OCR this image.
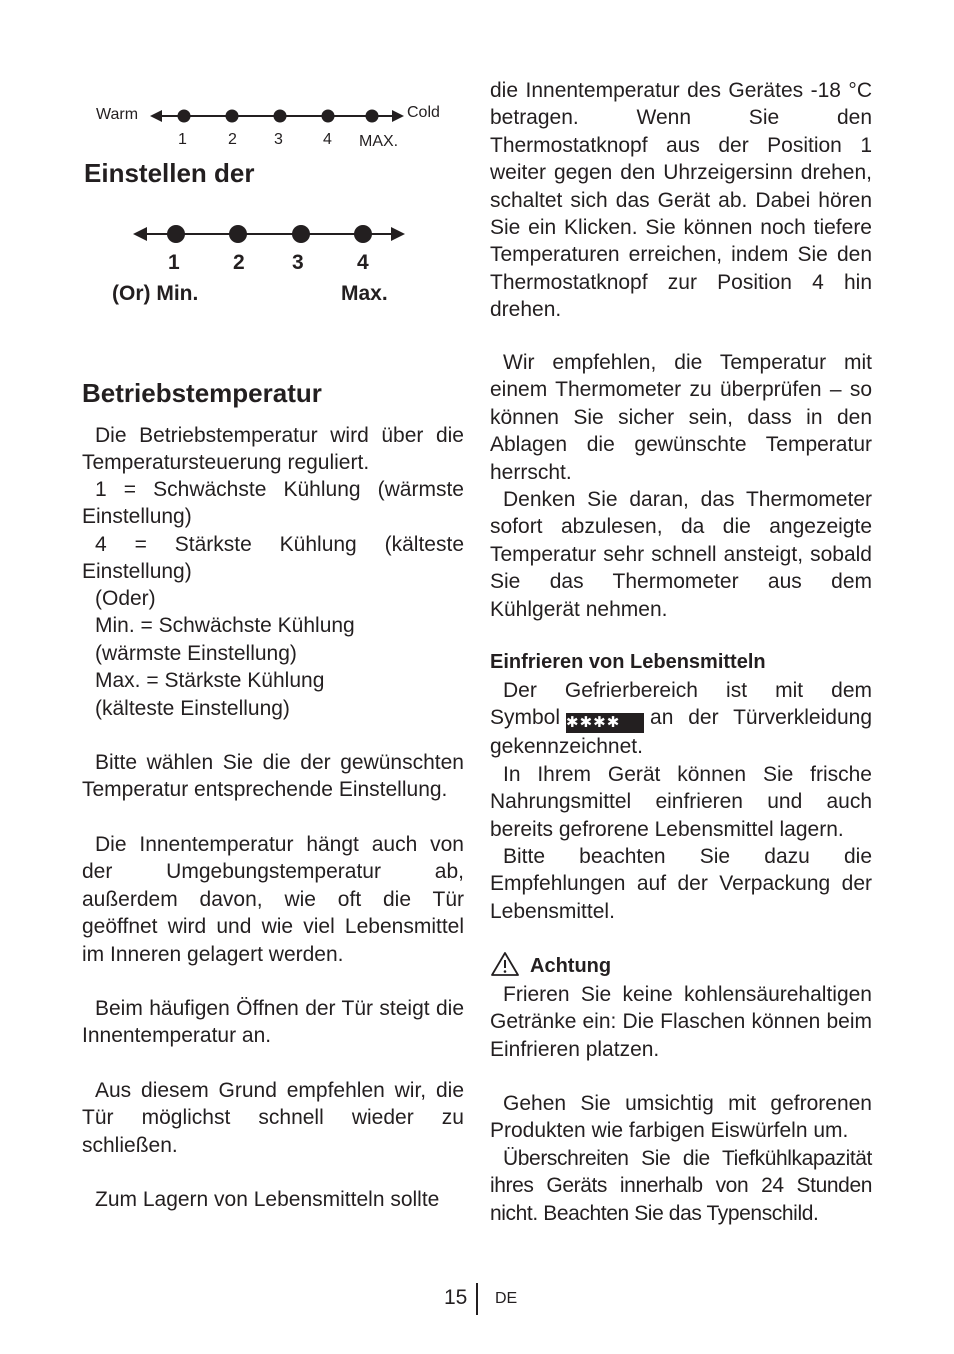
Warm	Cold
1	2 3	4 MAX.
Einstellen der
1	2 3	4
(Or) Min.	Max.
Betriebstemperatur

Die Betriebstemperatur wird über die Temperatursteuerung reguliert.

1 = Schwächste Kühlung (wärmste Einstellung)

4 = Stärkste Kühlung (kälteste Einstellung)

(Oder)
Min. = Schwächste Kühlung
(wärmste Einstellung)
Max. = Stärkste Kühlung
(kälteste Einstellung)

Bitte wählen Sie die der gewünschten Temperatur entsprechende Einstellung.

Die Innentemperatur hängt auch von der Umgebungstemperatur ab, außerdem davon, wie oft die Tür geöffnet wird und wie viel Lebensmittel im Inneren gelagert werden.

Beim häufigen Öffnen der Tür steigt die Innentemperatur an.

Aus diesem Grund empfehlen wir, die Tür möglichst schnell wieder zu schließen.

Zum Lagern von Lebensmitteln sollte

die Innentemperatur des Gerätes -18 °C betragen. Wenn Sie den Thermostatknopf aus der Position 1 weiter gegen den Uhrzeigersinn drehen, schaltet sich das Gerät ab. Dabei hören Sie ein Klicken. Sie können noch tiefere Temperaturen erreichen, indem Sie den Thermostatknopf zur Position 4 hin drehen.

Wir empfehlen, die Temperatur mit einem Thermometer zu überprüfen – so können Sie sicher sein, dass in den Ablagen die gewünschte Temperatur herrscht.

Denken Sie daran, das Thermometer sofort abzulesen, da die angezeigte Temperatur sehr schnell ansteigt, sobald Sie das Thermometer aus dem Kühlgerät nehmen.

Einfrieren von Lebensmitteln
Der Gefrierbereich ist mit dem
Symbol ✱✱✱✱ an der Türverkleidung
gekennzeichnet.

In Ihrem Gerät können Sie frische Nahrungsmittel einfrieren und auch bereits gefrorene Lebensmittel lagern.

Bitte beachten Sie dazu die Empfehlungen auf der Verpackung der Lebensmittel.

Achtung

Frieren Sie keine kohlensäurehaltigen Getränke ein: Die Flaschen können beim Einfrieren platzen.

Gehen Sie umsichtig mit gefrorenen Produkten wie farbigen Eiswürfeln um.

Überschreiten Sie die Tiefkühlkapazität ihres Geräts innerhalb von 24 Stunden nicht. Beachten Sie das Typenschild.

15 DE
